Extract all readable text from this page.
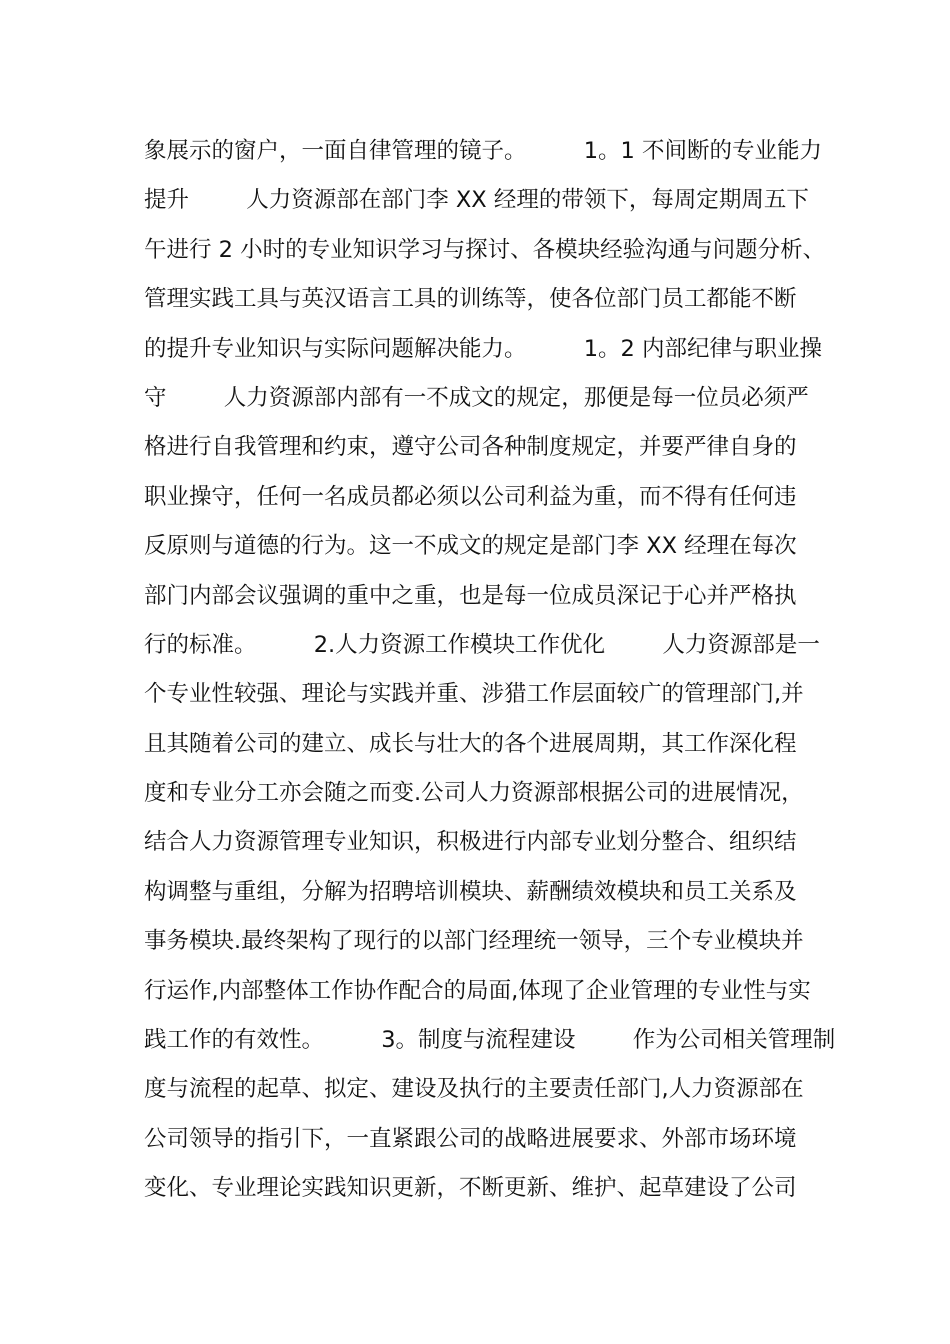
象展示的窗户，一面自律管理的镜子。        1。1 不间断的专业能力
提升        人力资源部在部门李 XX 经理的带领下，每周定期周五下
午进行 2 小时的专业知识学习与探讨、各模块经验沟通与问题分析、
管理实践工具与英汉语言工具的训练等，使各位部门员工都能不断
的提升专业知识与实际问题解决能力。        1。2 内部纪律与职业操
守        人力资源部内部有一不成文的规定，那便是每一位员必须严
格进行自我管理和约束，遵守公司各种制度规定，并要严律自身的
职业操守，任何一名成员都必须以公司利益为重，而不得有任何违
反原则与道德的行为。这一不成文的规定是部门李 XX 经理在每次
部门内部会议强调的重中之重，也是每一位成员深记于心并严格执
行的标准。        2.人力资源工作模块工作优化        人力资源部是一
个专业性较强、理论与实践并重、涉猎工作层面较广的管理部门,并
且其随着公司的建立、成长与壮大的各个进展周期，其工作深化程
度和专业分工亦会随之而变.公司人力资源部根据公司的进展情况，
结合人力资源管理专业知识，积极进行内部专业划分整合、组织结
构调整与重组，分解为招聘培训模块、薪酬绩效模块和员工关系及
事务模块.最终架构了现行的以部门经理统一领导，三个专业模块并
行运作,内部整体工作协作配合的局面,体现了企业管理的专业性与实
践工作的有效性。        3。制度与流程建设        作为公司相关管理制
度与流程的起草、拟定、建设及执行的主要责任部门,人力资源部在
公司领导的指引下，一直紧跟公司的战略进展要求、外部市场环境
变化、专业理论实践知识更新，不断更新、维护、起草建设了公司
